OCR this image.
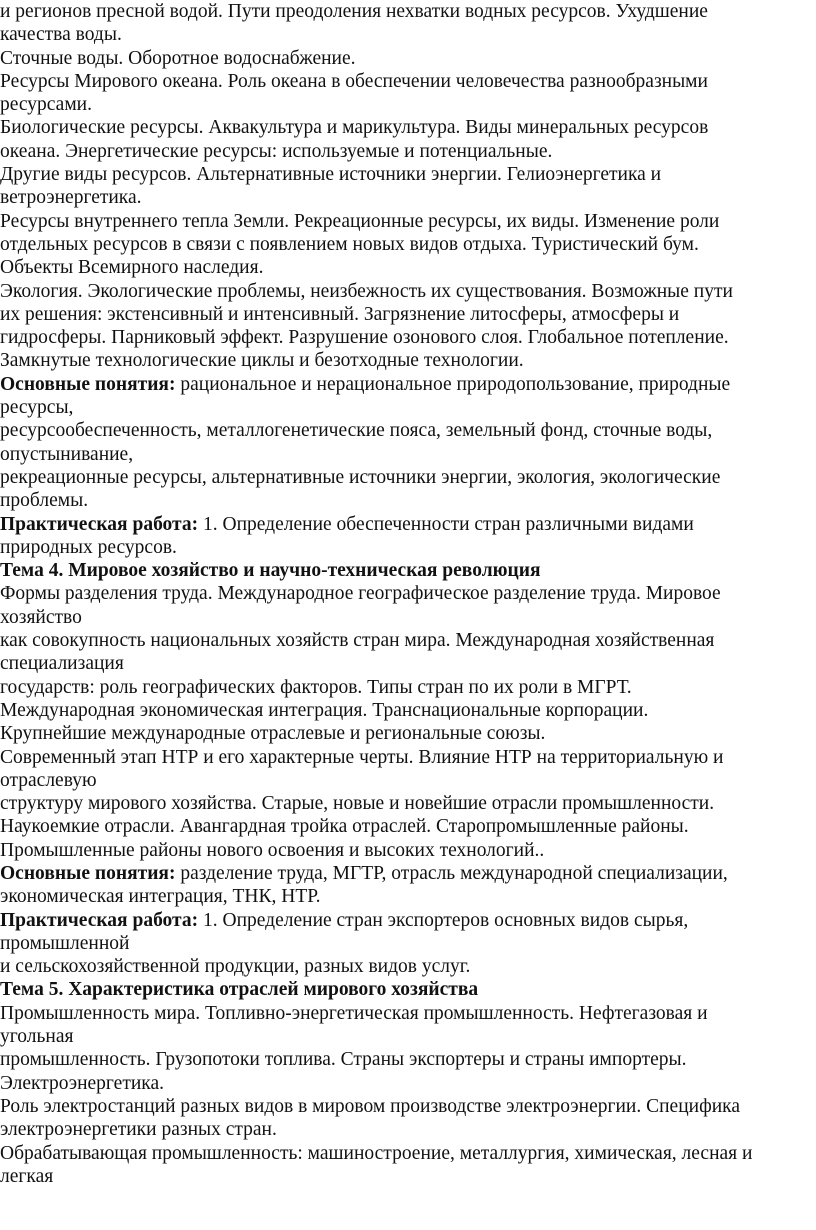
и регионов пресной водой. Пути преодоления нехватки водных ресурсов. Ухудшение
качества воды.
Сточные воды. Оборотное водоснабжение.
Ресурсы Мирового океана. Роль океана в обеспечении человечества разнообразными
ресурсами.
Биологические ресурсы. Аквакультура и марикультура. Виды минеральных ресурсов
океана. Энергетические ресурсы: используемые и потенциальные.
Другие виды ресурсов. Альтернативные источники энергии. Гелиоэнергетика и
ветроэнергетика.
Ресурсы внутреннего тепла Земли. Рекреационные ресурсы, их виды. Изменение роли
отдельных ресурсов в связи с появлением новых видов отдыха. Туристический бум.
Объекты Всемирного наследия.
Экология. Экологические проблемы, неизбежность их существования. Возможные пути
их решения: экстенсивный и интенсивный. Загрязнение литосферы, атмосферы и
гидросферы. Парниковый эффект. Разрушение озонового слоя. Глобальное потепление.
Замкнутые технологические циклы и безотходные технологии.
Основные понятия: рациональное и нерациональное природопользование, природные
ресурсы,
ресурсообеспеченность, металлогенетические пояса, земельный фонд, сточные воды,
опустынивание,
рекреационные ресурсы, альтернативные источники энергии, экология, экологические
проблемы.
Практическая работа: 1. Определение обеспеченности стран различными видами
природных ресурсов.
Тема 4. Мировое хозяйство и научно-техническая революция
Формы разделения труда. Международное географическое разделение труда. Мировое
хозяйство
как совокупность национальных хозяйств стран мира. Международная хозяйственная
специализация
государств: роль географических факторов. Типы стран по их роли в МГРТ.
Международная экономическая интеграция. Транснациональные корпорации.
Крупнейшие международные отраслевые и региональные союзы.
Современный этап НТР и его характерные черты. Влияние НТР на территориальную и
отраслевую
структуру мирового хозяйства. Старые, новые и новейшие отрасли промышленности.
Наукоемкие отрасли. Авангардная тройка отраслей. Старопромышленные районы.
Промышленные районы нового освоения и высоких технологий..
Основные понятия: разделение труда, МГТР, отрасль международной специализации,
экономическая интеграция, ТНК, НТР.
Практическая работа: 1. Определение стран экспортеров основных видов сырья,
промышленной
и сельскохозяйственной продукции, разных видов услуг.
Тема 5. Характеристика отраслей мирового хозяйства
Промышленность мира. Топливно-энергетическая промышленность. Нефтегазовая и
угольная
промышленность. Грузопотоки топлива. Страны экспортеры и страны импортеры.
Электроэнергетика.
Роль электростанций разных видов в мировом производстве электроэнергии. Специфика
электроэнергетики разных стран.
Обрабатывающая промышленность: машиностроение, металлургия, химическая, лесная и
легкая
